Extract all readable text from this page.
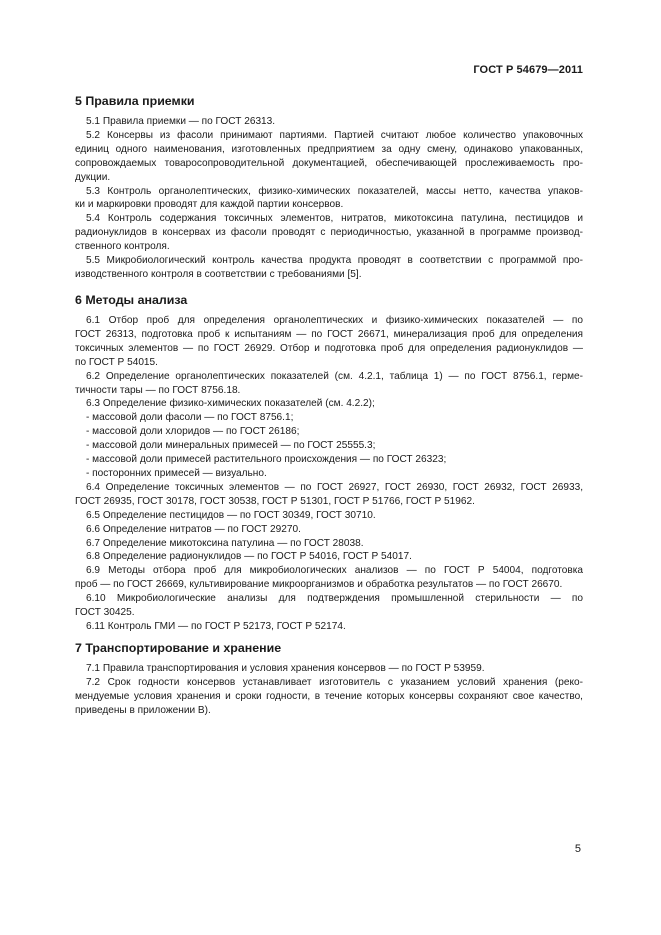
ГОСТ Р 54679—2011
5 Правила приемки

5.1 Правила приемки — по ГОСТ 26313.

5.2 Консервы из фасоли принимают партиями. Партией считают любое количество упаковочных
единиц одного наименования, изготовленных предприятием за одну смену, одинаково упакованных,
сопровождаемых товаросопроводительной документацией, обеспечивающей прослеживаемость про-
дукции.

5.3 Контроль органолептических, физико-химических показателей, массы нетто, качества упаков-
ки и маркировки проводят для каждой партии консервов.

5.4 Контроль содержания токсичных элементов, нитратов, микотоксина патулина, пестицидов и
радионуклидов в консервах из фасоли проводят с периодичностью, указанной в программе производ-
ственного контроля.

5.5 Микробиологический контроль качества продукта проводят в соответствии с программой про-
изводственного контроля в соответствии с требованиями [5].

6 Методы анализа

6.1 Отбор проб для определения органолептических и физико-химических показателей — по
ГОСТ 26313, подготовка проб к испытаниям — по ГОСТ 26671, минерализация проб для определения
токсичных элементов — по ГОСТ 26929. Отбор и подготовка проб для определения радионуклидов —
по ГОСТ Р 54015.

6.2 Определение органолептических показателей (см. 4.2.1, таблица 1) — по ГОСТ 8756.1, герме-
тичности тары — по ГОСТ 8756.18.

6.3 Определение физико-химических показателей (см. 4.2.2);

- массовой доли фасоли — по ГОСТ 8756.1;

- массовой доли хлоридов — по ГОСТ 26186;

- массовой доли минеральных примесей — по ГОСТ 25555.3;

- массовой доли примесей растительного происхождения — по ГОСТ 26323;

- посторонних примесей — визуально.

6.4 Определение токсичных элементов — по ГОСТ 26927, ГОСТ 26930, ГОСТ 26932, ГОСТ 26933,
ГОСТ 26935, ГОСТ 30178, ГОСТ 30538, ГОСТ Р 51301, ГОСТ Р 51766, ГОСТ Р 51962.

6.5 Определение пестицидов — по ГОСТ 30349, ГОСТ 30710.

6.6 Определение нитратов — по ГОСТ 29270.

6.7 Определение микотоксина патулина — по ГОСТ 28038.

6.8 Определение радионуклидов — по ГОСТ Р 54016, ГОСТ Р 54017.

6.9 Методы отбора проб для микробиологических анализов — по ГОСТ Р 54004, подготовка
проб — по ГОСТ 26669, культивирование микроорганизмов и обработка результатов — по ГОСТ 26670.

6.10 Микробиологические анализы для подтверждения промышленной стерильности — по
ГОСТ 30425.

6.11 Контроль ГМИ — по ГОСТ Р 52173, ГОСТ Р 52174.

7 Транспортирование и хранение

7.1 Правила транспортирования и условия хранения консервов — по ГОСТ Р 53959.

7.2 Срок годности консервов устанавливает изготовитель с указанием условий хранения (реко-
мендуемые условия хранения и сроки годности, в течение которых консервы сохраняют свое качество,
приведены в приложении В).

5
